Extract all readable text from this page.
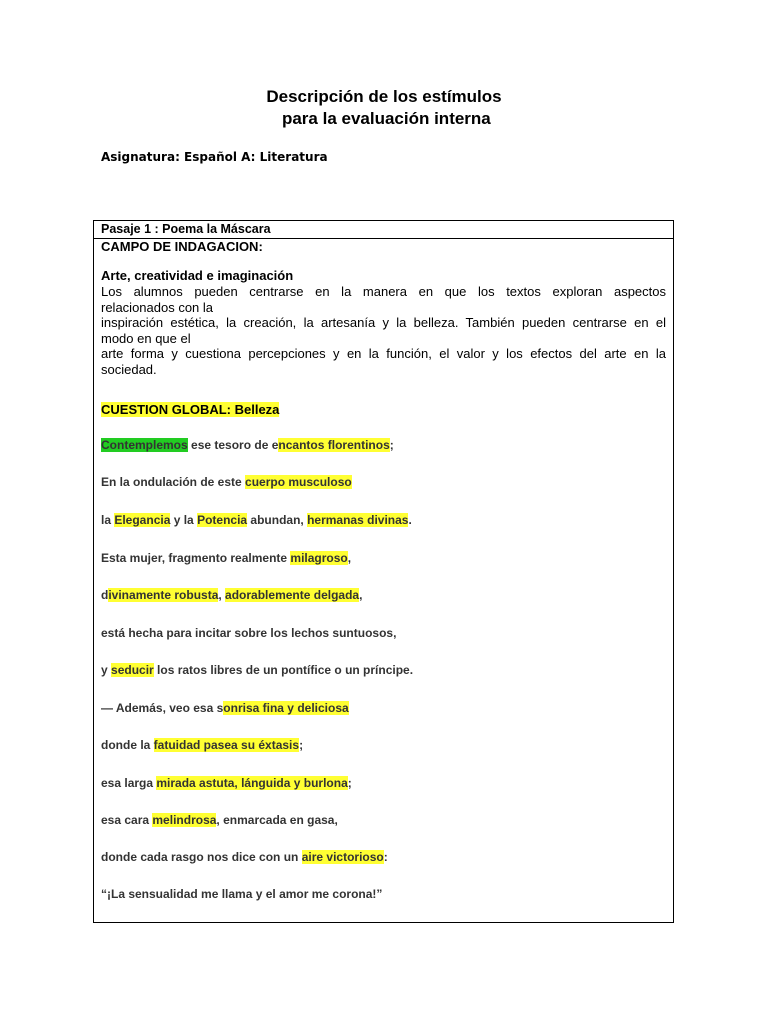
Descripción de los estímulos
para la evaluación interna
Asignatura: Español A: Literatura
Pasaje 1 : Poema la Máscara
CAMPO DE INDAGACION:
Arte, creatividad e imaginación
Los alumnos pueden centrarse en la manera en que los textos exploran aspectos
relacionados con la
inspiración estética, la creación, la artesanía y la belleza. También pueden centrarse en el
modo en que el
arte forma y cuestiona percepciones y en la función, el valor y los efectos del arte en la
sociedad.
CUESTION GLOBAL: Belleza
Contemplemos ese tesoro de encantos florentinos;
En la ondulación de este cuerpo musculoso
la Elegancia y la Potencia abundan, hermanas divinas.
Esta mujer, fragmento realmente milagroso,
divinamente robusta, adorablemente delgada,
está hecha para incitar sobre los lechos suntuosos,
y seducir los ratos libres de un pontífice o un príncipe.
— Además, veo esa sonrisa fina y deliciosa
donde la fatuidad pasea su éxtasis;
esa larga mirada astuta, lánguida y burlona;
esa cara melindrosa, enmarcada en gasa,
donde cada rasgo nos dice con un aire victorioso:
“¡La sensualidad me llama y el amor me corona!”
